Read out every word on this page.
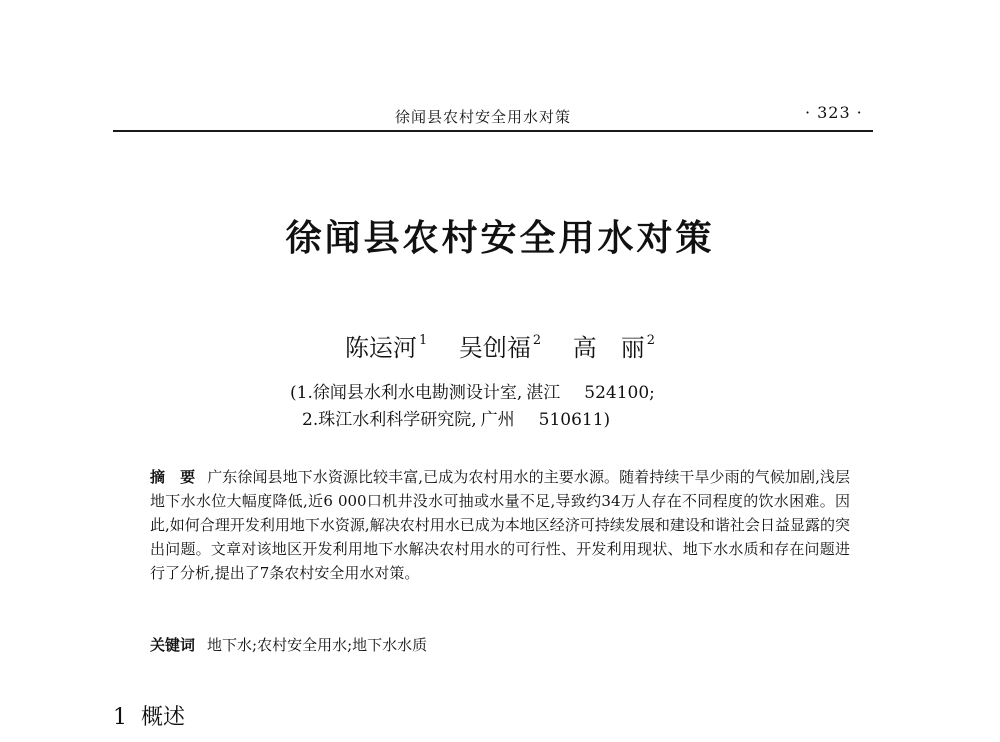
徐闻县农村安全用水对策	· 323 ·
徐闻县农村安全用水对策
陈运河 $^1$ 吴创福 $^2$ 高　丽 $^2$
(1.徐闻县水利水电勘测设计室, 湛江 524100;
2.珠江水利科学研究院, 广州 510611)
摘　要 广东徐闻县地下水资源比较丰富,已成为农村用水的主要水源。随着持续干旱少雨的气候加剧,浅层地下水水位大幅度降低,近6 000口机井没水可抽或水量不足,导致约34万人存在不同程度的饮水困难。因此,如何合理开发利用地下水资源,解决农村用水已成为本地区经济可持续发展和建设和谐社会日益显露的突出问题。文章对该地区开发利用地下水解决农村用水的可行性、开发利用现状、地下水水质和存在问题进行了分析,提出了7条农村安全用水对策。
关键词 地下水;农村安全用水;地下水水质
1 概述
